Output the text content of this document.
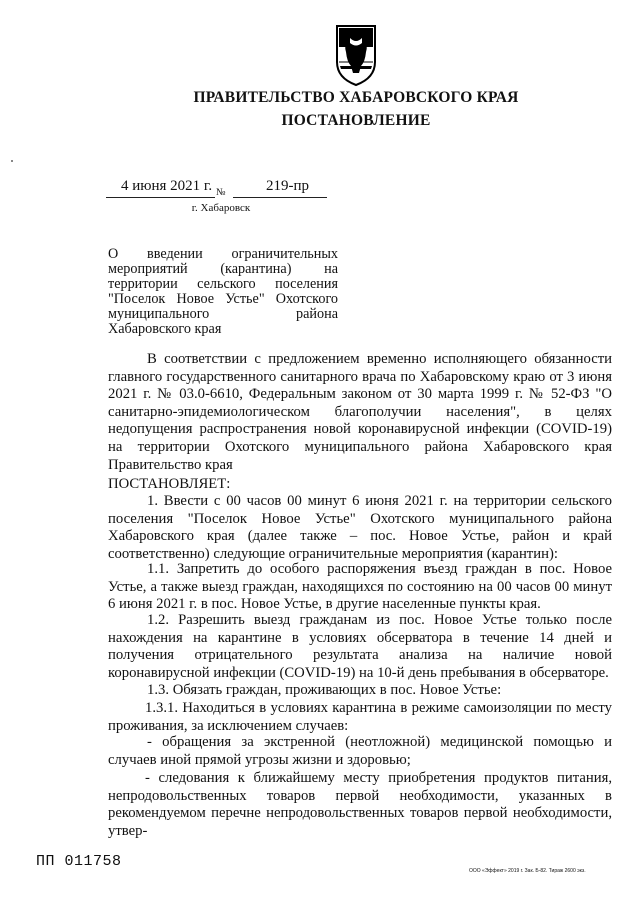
ПРАВИТЕЛЬСТВО ХАБАРОВСКОГО КРАЯ
ПОСТАНОВЛЕНИЕ
4 июня 2021 г. №	219-пр
г. Хабаровск
О введении ограничительных мероприятий (карантина) на территории сельского поселения "Поселок Новое Устье" Охотского муниципального района Хабаровского края
В соответствии с предложением временно исполняющего обязанности главного государственного санитарного врача по Хабаровскому краю от 3 июня 2021 г. № 03.0-6610, Федеральным законом от 30 марта 1999 г. № 52-ФЗ "О санитарно-эпидемиологическом благополучии населения", в целях недопущения распространения новой коронавирусной инфекции (COVID-19) на территории Охотского муниципального района Хабаровского края Правительство края
ПОСТАНОВЛЯЕТ:
1. Ввести с 00 часов 00 минут 6 июня 2021 г. на территории сельского поселения "Поселок Новое Устье" Охотского муниципального района Хабаровского края (далее также – пос. Новое Устье, район и край соответственно) следующие ограничительные мероприятия (карантин):
1.1. Запретить до особого распоряжения въезд граждан в пос. Новое Устье, а также выезд граждан, находящихся по состоянию на 00 часов 00 минут 6 июня 2021 г. в пос. Новое Устье, в другие населенные пункты края.
1.2. Разрешить выезд гражданам из пос. Новое Устье только после нахождения на карантине в условиях обсерватора в течение 14 дней и получения отрицательного результата анализа на наличие новой коронавирусной инфекции (COVID-19) на 10-й день пребывания в обсерваторе.
1.3. Обязать граждан, проживающих в пос. Новое Устье:
1.3.1. Находиться в условиях карантина в режиме самоизоляции по месту проживания, за исключением случаев:
- обращения за экстренной (неотложной) медицинской помощью и случаев иной прямой угрозы жизни и здоровью;
- следования к ближайшему месту приобретения продуктов питания, непродовольственных товаров первой необходимости, указанных в рекомендуемом перечне непродовольственных товаров первой необходимости, утвер-
ПП 011758
ООО «Эффект» 2019 г. Зак. Б-82. Тираж 2600 экз.
